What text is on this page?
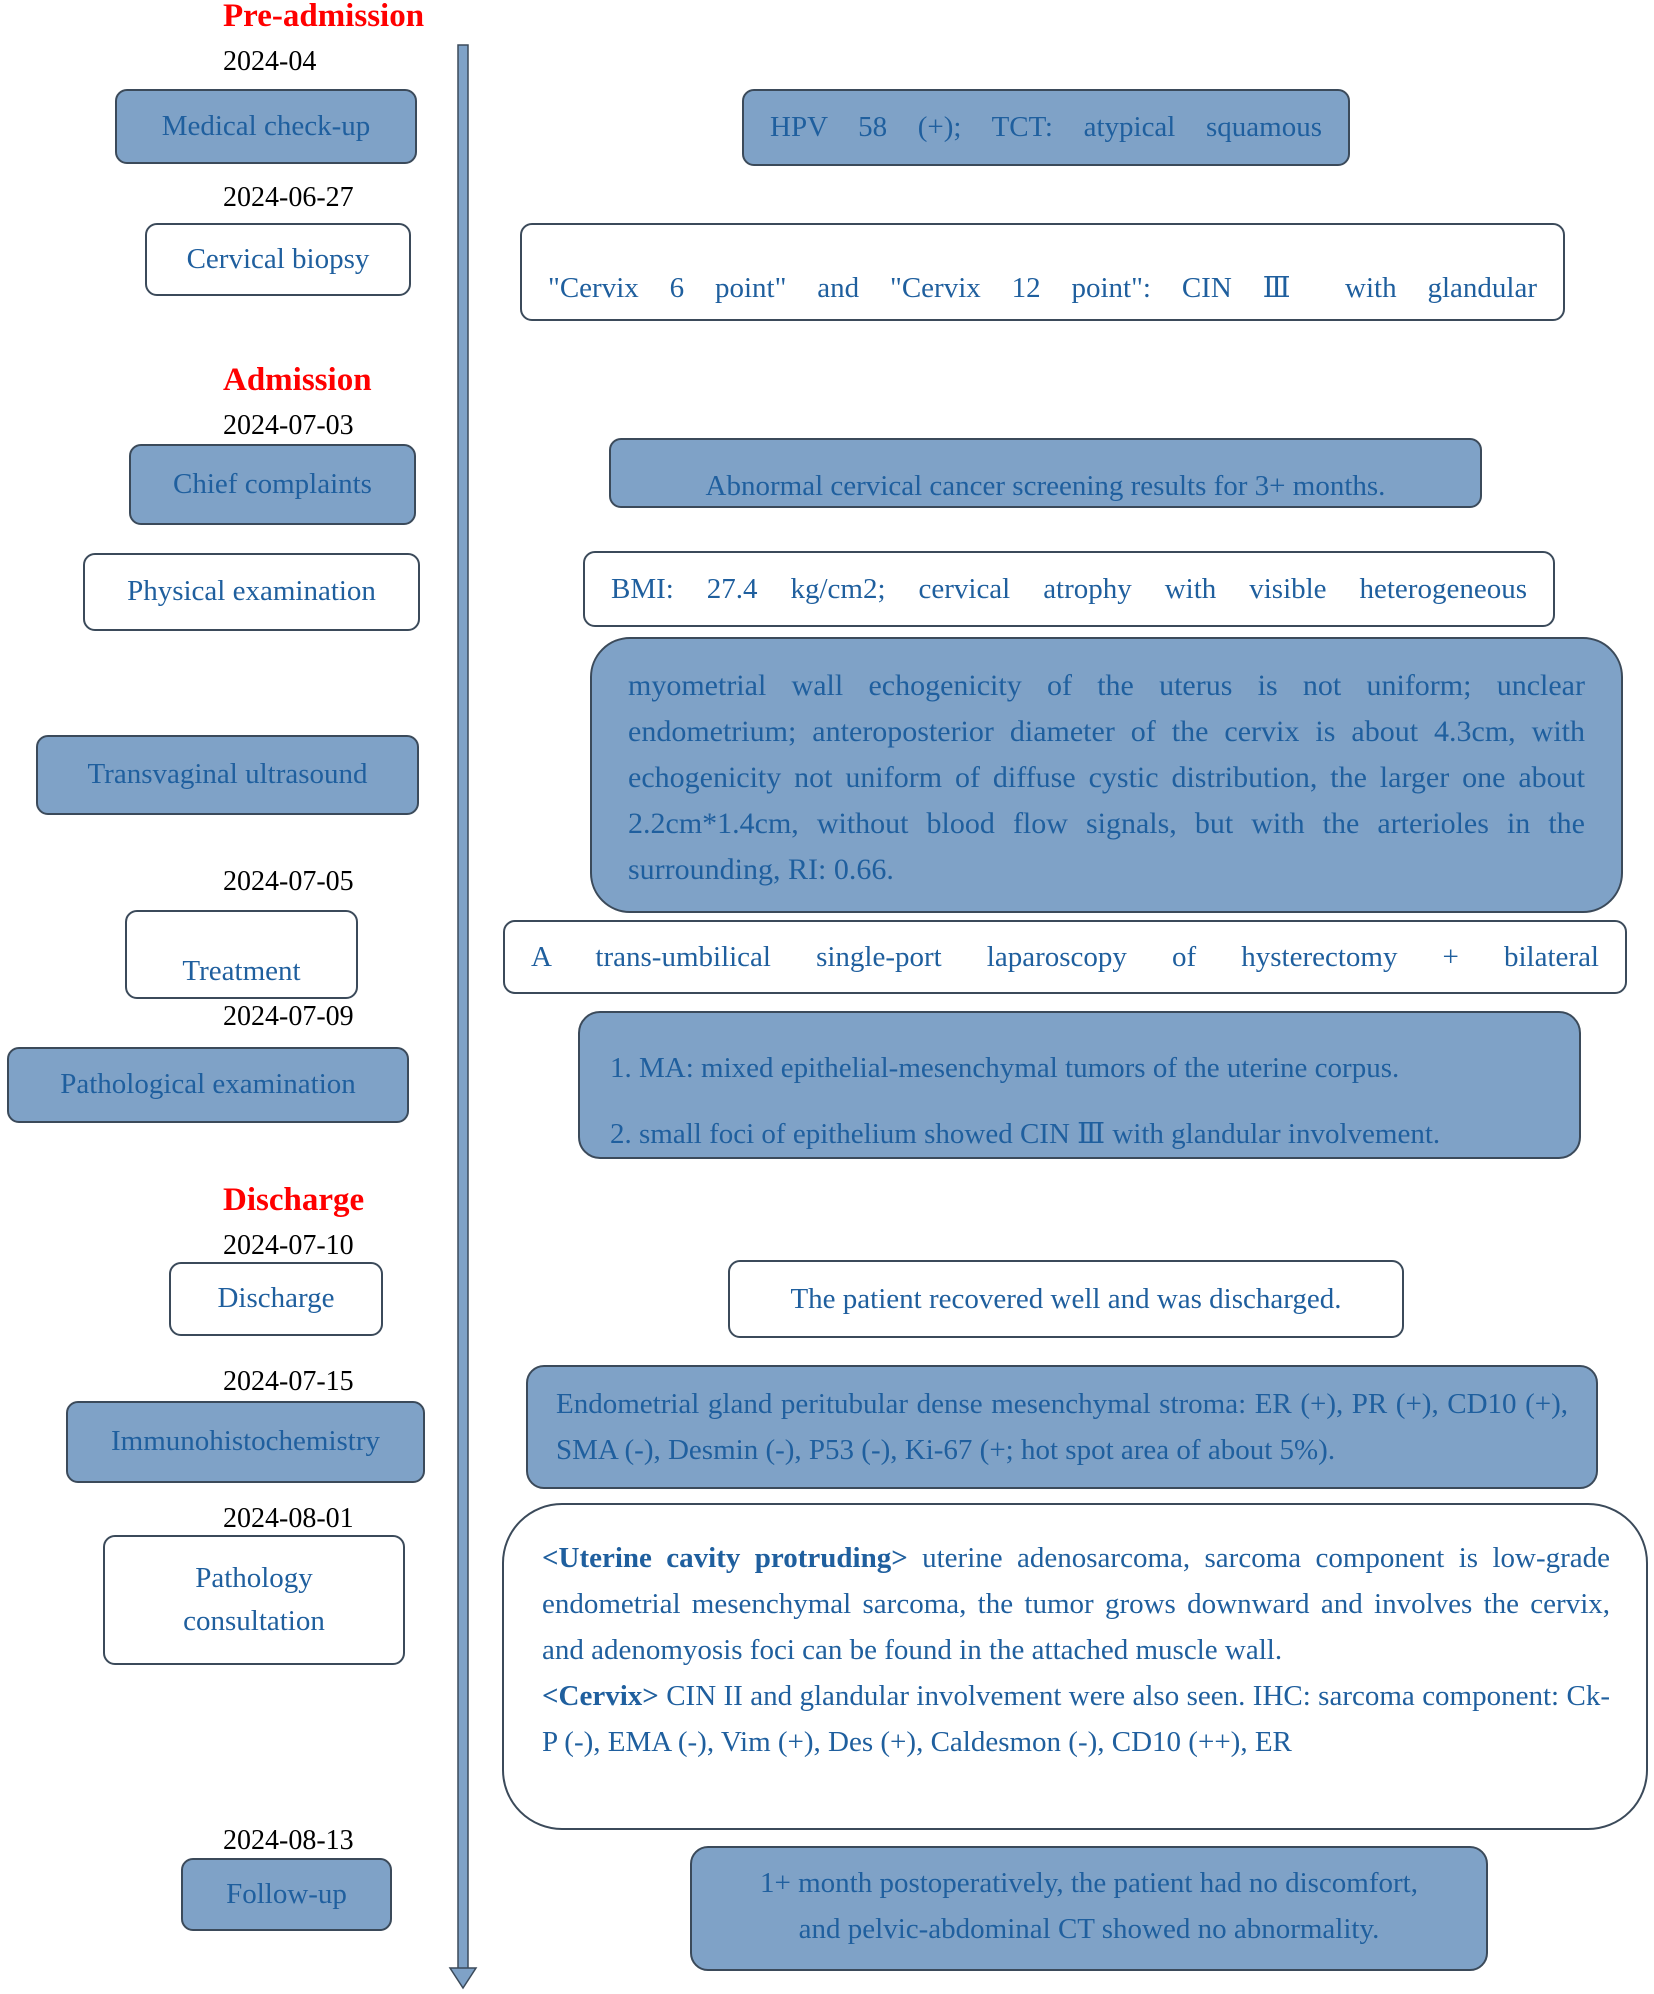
Pre-admission
Admission
Discharge
2024-04
2024-06-27
2024-07-03
2024-07-05
2024-07-09
2024-07-10
2024-07-15
2024-08-01
2024-08-13
Medical check-up
Cervical biopsy
Chief complaints
Physical examination
Transvaginal ultrasound
Treatment
Pathological examination
Discharge
Immunohistochemistry
Pathology
consultation
Follow-up
HPV 58 (+); TCT: atypical squamous
"Cervix 6 point" and "Cervix 12 point": CIN Ⅲ with glandular
Abnormal cervical cancer screening results for 3+ months.
BMI: 27.4 kg/cm2; cervical atrophy with visible heterogeneous
myometrial wall echogenicity of the uterus is not uniform; unclear endometrium; anteroposterior diameter of the cervix is about 4.3cm, with echogenicity not uniform of diffuse cystic distribution, the larger one about 2.2cm*1.4cm, without blood flow signals, but with the arterioles in the surrounding, RI: 0.66.
A trans-umbilical single-port laparoscopy of hysterectomy + bilateral
1. MA: mixed epithelial-mesenchymal tumors of the uterine corpus.
2. small foci of epithelium showed CIN Ⅲ with glandular involvement.
The patient recovered well and was discharged.
Endometrial gland peritubular dense mesenchymal stroma: ER (+), PR (+), CD10 (+), SMA (-), Desmin (-), P53 (-), Ki-67 (+; hot spot area of about 5%).
<Uterine cavity protruding> uterine adenosarcoma, sarcoma component is low-grade endometrial mesenchymal sarcoma, the tumor grows downward and involves the cervix, and adenomyosis foci can be found in the attached muscle wall.
<Cervix> CIN II and glandular involvement were also seen. IHC: sarcoma component: Ck-P (-), EMA (-), Vim (+), Des (+), Caldesmon (-), CD10 (++), ER
1+ month postoperatively, the patient had no discomfort,
and pelvic-abdominal CT showed no abnormality.
